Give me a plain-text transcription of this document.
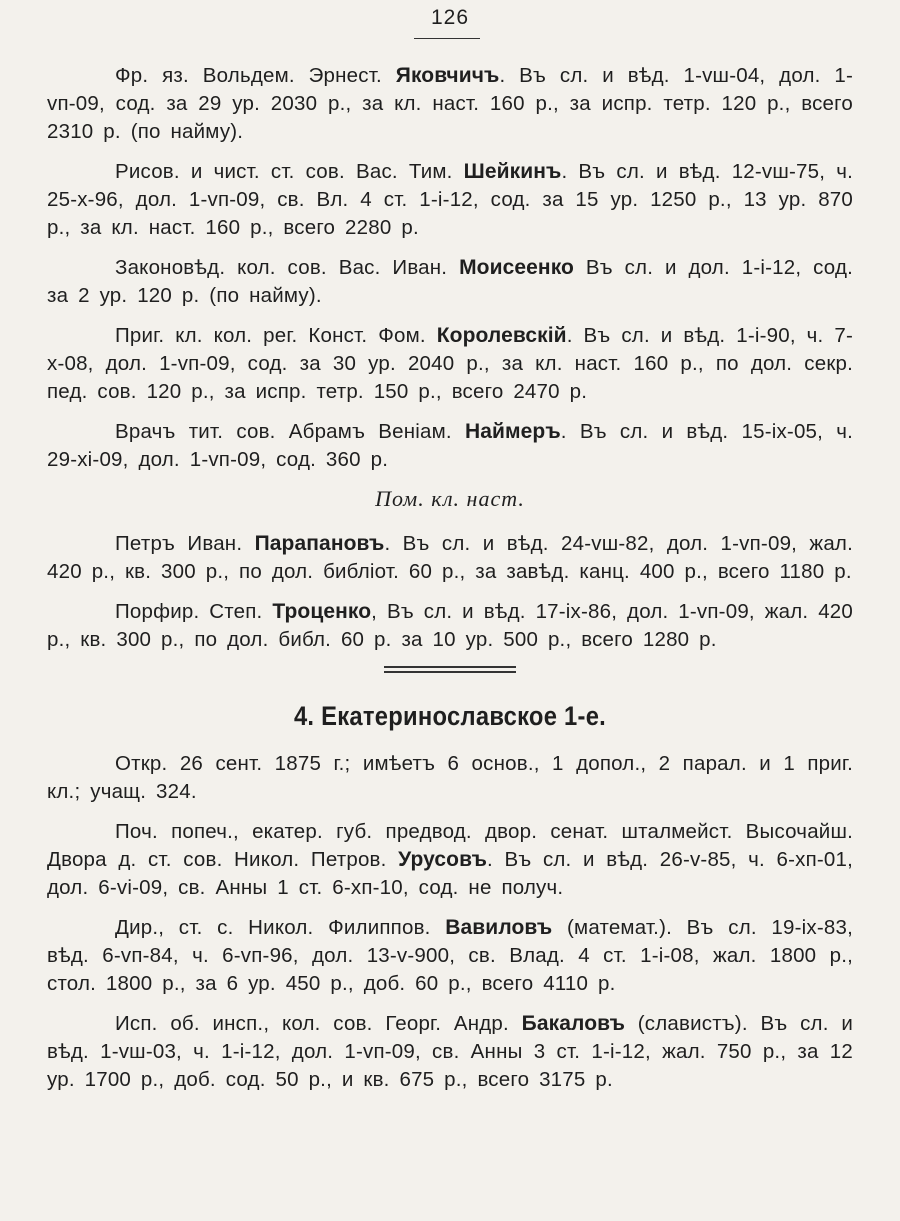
126

Фр. яз. Вольдем. Эрнест. Яковчичъ. Въ сл. и вѣд. 1-vш-04, дол. 1-vп-09, сод. за 29 ур. 2030 р., за кл. наст. 160 р., за испр. тетр. 120 р., всего 2310 р. (по найму).

Рисов. и чист. ст. сов. Вас. Тим. Шейкинъ. Въ сл. и вѣд. 12-vш-75, ч. 25-x-96, дол. 1-vп-09, св. Вл. 4 ст. 1-і-12, сод. за 15 ур. 1250 р., 13 ур. 870 р., за кл. наст. 160 р., всего 2280 р.

Законовѣд. кол. сов. Вас. Иван. Моисеенко Въ сл. и дол. 1-і-12, сод. за 2 ур. 120 р. (по найму).

Приг. кл. кол. рег. Конст. Фом. Королевскій. Въ сл. и вѣд. 1-і-90, ч. 7-x-08, дол. 1-vп-09, сод. за 30 ур. 2040 р., за кл. наст. 160 р., по дол. секр. пед. сов. 120 р., за испр. тетр. 150 р., всего 2470 р.

Врачъ тит. сов. Абрамъ Веніам. Наймеръ. Въ сл. и вѣд. 15-іx-05, ч. 29-xі-09, дол. 1-vп-09, сод. 360 р.

Пом. кл. наст.

Петръ Иван. Парапановъ. Въ сл. и вѣд. 24-vш-82, дол. 1-vп-09, жал. 420 р., кв. 300 р., по дол. библіот. 60 р., за завѣд. канц. 400 р., всего 1180 р.

Порфир. Степ. Троценко, Въ сл. и вѣд. 17-іx-86, дол. 1-vп-09, жал. 420 р., кв. 300 р., по дол. библ. 60 р. за 10 ур. 500 р., всего 1280 р.

4. Екатеринославское 1-е.

Откр. 26 сент. 1875 г.; имѣетъ 6 основ., 1 допол., 2 парал. и 1 приг. кл.; учащ. 324.

Поч. попеч., екатер. губ. предвод. двор. сенат. шталмейст. Высочайш. Двора д. ст. сов. Никол. Петров. Урусовъ. Въ сл. и вѣд. 26-v-85, ч. 6-xп-01, дол. 6-vі-09, св. Анны 1 ст. 6-xп-10, сод. не получ.

Дир., ст. с. Никол. Филиппов. Вавиловъ (математ.). Въ сл. 19-іx-83, вѣд. 6-vп-84, ч. 6-vп-96, дол. 13-v-900, св. Влад. 4 ст. 1-і-08, жал. 1800 р., стол. 1800 р., за 6 ур. 450 р., доб. 60 р., всего 4110 р.

Исп. об. инсп., кол. сов. Георг. Андр. Бакаловъ (славистъ). Въ сл. и вѣд. 1-vш-03, ч. 1-і-12, дол. 1-vп-09, св. Анны 3 ст. 1-і-12, жал. 750 р., за 12 ур. 1700 р., доб. сод. 50 р., и кв. 675 р., всего 3175 р.
